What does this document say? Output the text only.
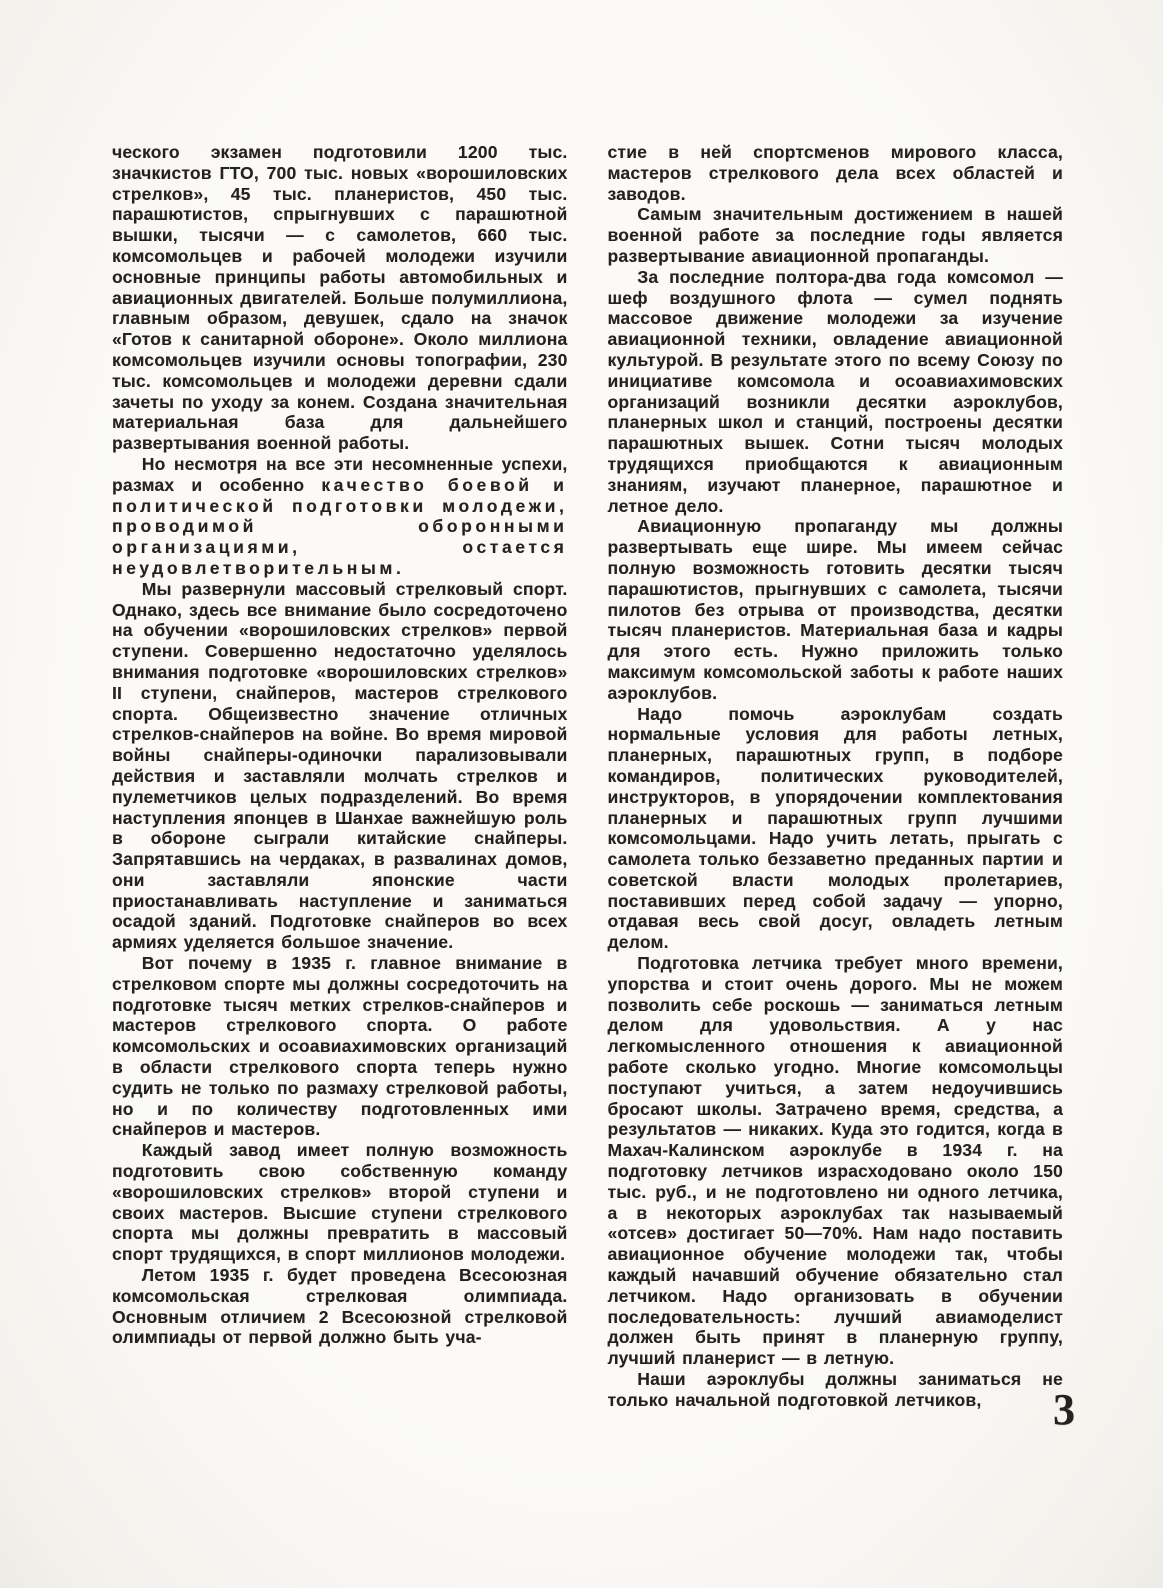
ческого экзамен подготовили 1200 тыс. значкистов ГТО, 700 тыс. новых «ворошиловских стрелков», 45 тыс. планеристов, 450 тыс. парашютистов, спрыгнувших с парашютной вышки, тысячи — с самолетов, 660 тыс. комсомольцев и рабочей молодежи изучили основные принципы работы автомобильных и авиационных двигателей. Больше полумиллиона, главным образом, девушек, сдало на значок «Готов к санитарной обороне». Около миллиона комсомольцев изучили основы топографии, 230 тыс. комсомольцев и молодежи деревни сдали зачеты по уходу за конем. Создана значительная материальная база для дальнейшего развертывания военной работы.

Но несмотря на все эти несомненные успехи, размах и особенно качество боевой и политической подготовки молодежи, проводимой оборонными организациями, остается неудовлетворительным.

Мы развернули массовый стрелковый спорт. Однако, здесь все внимание было сосредоточено на обучении «ворошиловских стрелков» первой ступени. Совершенно недостаточно уделялось внимания подготовке «ворошиловских стрелков» II ступени, снайперов, мастеров стрелкового спорта. Общеизвестно значение отличных стрелков-снайперов на войне. Во время мировой войны снайперы-одиночки парализовывали действия и заставляли молчать стрелков и пулеметчиков целых подразделений. Во время наступления японцев в Шанхае важнейшую роль в обороне сыграли китайские снайперы. Запрятавшись на чердаках, в развалинах домов, они заставляли японские части приостанавливать наступление и заниматься осадой зданий. Подготовке снайперов во всех армиях уделяется большое значение.

Вот почему в 1935 г. главное внимание в стрелковом спорте мы должны сосредоточить на подготовке тысяч метких стрелков-снайперов и мастеров стрелкового спорта. О работе комсомольских и осоавиахимовских организаций в области стрелкового спорта теперь нужно судить не только по размаху стрелковой работы, но и по количеству подготовленных ими снайперов и мастеров.

Каждый завод имеет полную возможность подготовить свою собственную команду «ворошиловских стрелков» второй ступени и своих мастеров. Высшие ступени стрелкового спорта мы должны превратить в массовый спорт трудящихся, в спорт миллионов молодежи.

Летом 1935 г. будет проведена Всесоюзная комсомольская стрелковая олимпиада. Основным отличием 2 Всесоюзной стрелковой олимпиады от первой должно быть уча-

стие в ней спортсменов мирового класса, мастеров стрелкового дела всех областей и заводов.

Самым значительным достижением в нашей военной работе за последние годы является развертывание авиационной пропаганды.

За последние полтора-два года комсомол — шеф воздушного флота — сумел поднять массовое движение молодежи за изучение авиационной техники, овладение авиационной культурой. В результате этого по всему Союзу по инициативе комсомола и осоавиахимовских организаций возникли десятки аэроклубов, планерных школ и станций, построены десятки парашютных вышек. Сотни тысяч молодых трудящихся приобщаются к авиационным знаниям, изучают планерное, парашютное и летное дело.

Авиационную пропаганду мы должны развертывать еще шире. Мы имеем сейчас полную возможность готовить десятки тысяч парашютистов, прыгнувших с самолета, тысячи пилотов без отрыва от производства, десятки тысяч планеристов. Материальная база и кадры для этого есть. Нужно приложить только максимум комсомольской заботы к работе наших аэроклубов.

Надо помочь аэроклубам создать нормальные условия для работы летных, планерных, парашютных групп, в подборе командиров, политических руководителей, инструкторов, в упорядочении комплектования планерных и парашютных групп лучшими комсомольцами. Надо учить летать, прыгать с самолета только беззаветно преданных партии и советской власти молодых пролетариев, поставивших перед собой задачу — упорно, отдавая весь свой досуг, овладеть летным делом.

Подготовка летчика требует много времени, упорства и стоит очень дорого. Мы не можем позволить себе роскошь — заниматься летным делом для удовольствия. А у нас легкомысленного отношения к авиационной работе сколько угодно. Многие комсомольцы поступают учиться, а затем недоучившись бросают школы. Затрачено время, средства, а результатов — никаких. Куда это годится, когда в Махач-Калинском аэроклубе в 1934 г. на подготовку летчиков израсходовано около 150 тыс. руб., и не подготовлено ни одного летчика, а в некоторых аэроклубах так называемый «отсев» достигает 50—70%. Нам надо поставить авиационное обучение молодежи так, чтобы каждый начавший обучение обязательно стал летчиком. Надо организовать в обучении последовательность: лучший авиамоделист должен быть принят в планерную группу, лучший планерист — в летную.

Наши аэроклубы должны заниматься не только начальной подготовкой летчиков,	3
